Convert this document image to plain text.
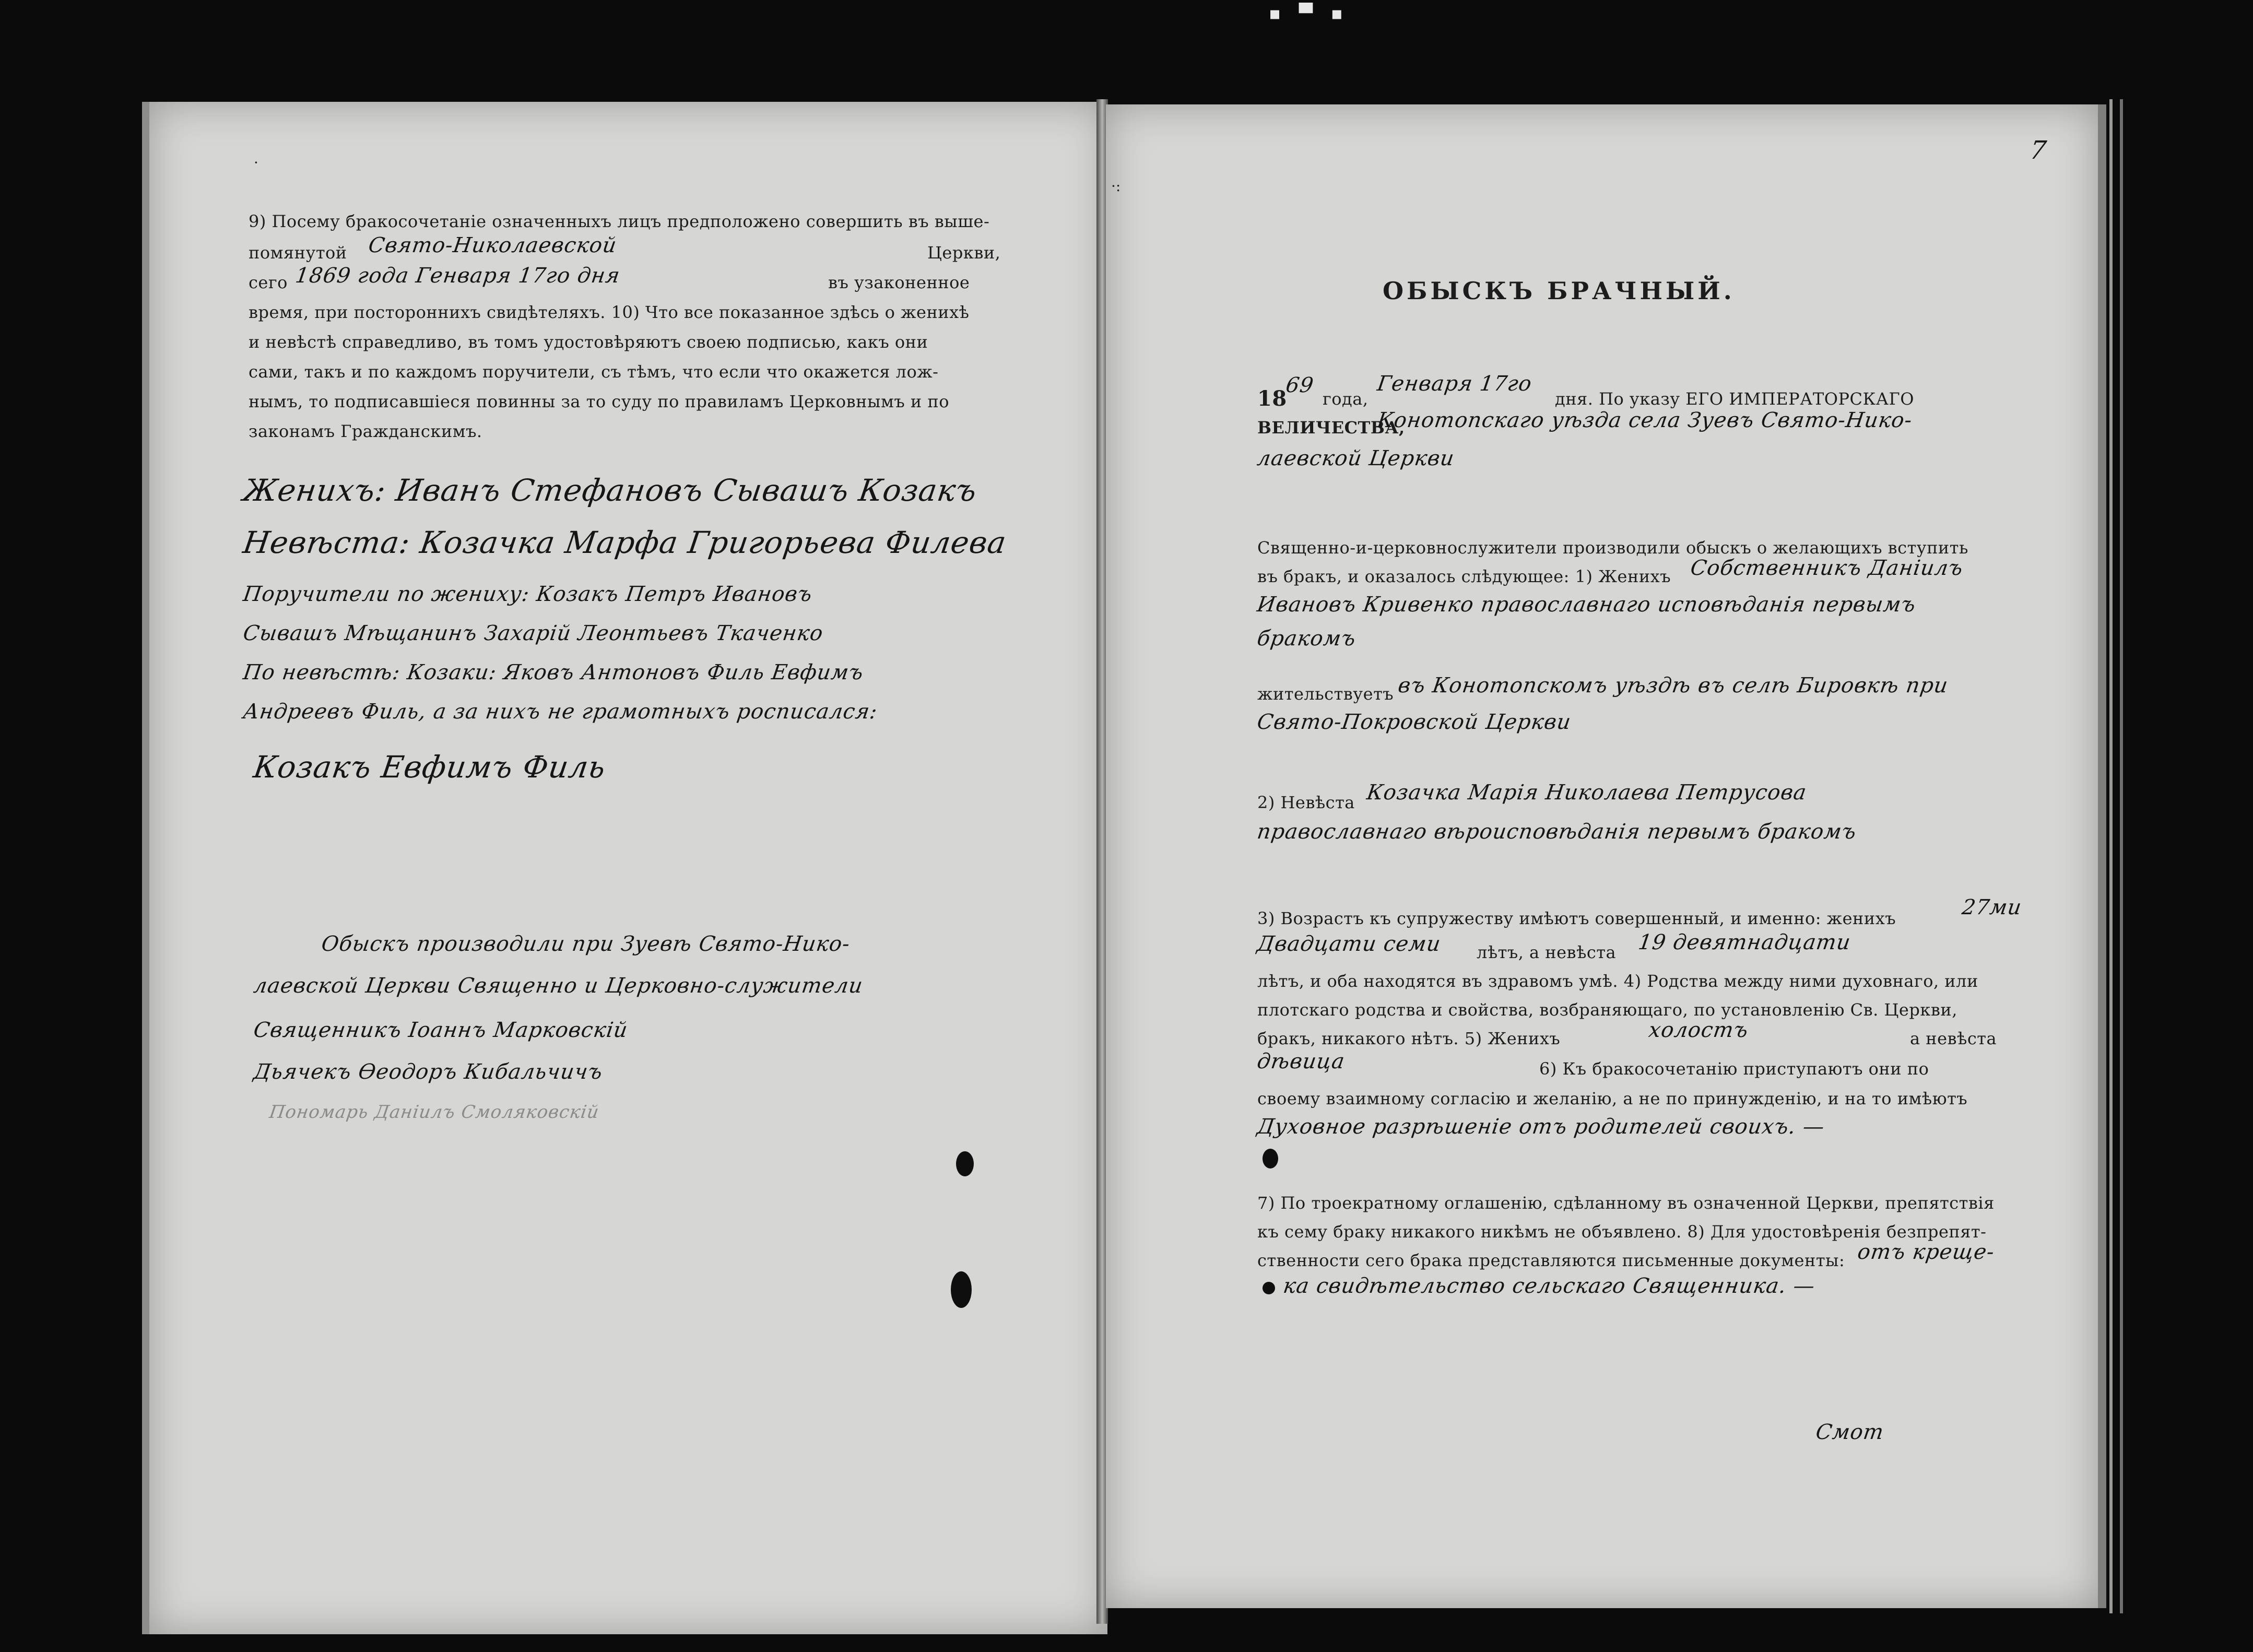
▪ ▀ ▪
·
9) Посему бракосочетаніе означенныхъ лицъ предположено совершить въ выше-
помянутой Свято-Николаевской	Церкви,
сего 1869 года Генваря 17го дня	въ узаконенное
время, при постороннихъ свидѣтеляхъ. 10) Что все показанное здѣсь о женихѣ
и невѣстѣ справедливо, въ томъ удостовѣряютъ своею подписью, какъ они
сами, такъ и по каждомъ поручители, съ тѣмъ, что если что окажется лож-
нымъ, то подписавшіеся повинны за то суду по правиламъ Церковнымъ и по
законамъ Гражданскимъ.
Женихъ: Иванъ Стефановъ Сывашъ Козакъ
Невѣста: Козачка Марфа Григорьева Филева
Поручители по жениху: Козакъ Петръ Ивановъ
Сывашъ Мѣщанинъ Захарій Леонтьевъ Ткаченко
По невѣстѣ: Козаки: Яковъ Антоновъ Филь Евфимъ
Андреевъ Филь, а за нихъ не грамотныхъ росписался:
Козакъ Евфимъ Филь
Обыскъ производили при Зуевѣ Свято-Нико-
лаевской Церкви Священно и Церковно-служители
Священникъ Іоаннъ Марковскій
Дьячекъ Өеодоръ Кибальчичъ
Пономарь Даніилъ Смоляковскій
7
·:
ОБЫСКЪ БРАЧНЫЙ.
18
69
года,
Генваря 17го
дня. По указу ЕГО ИМПЕРАТОРСКАГО
ВЕЛИЧЕСТВА,
Конотопскаго уѣзда села Зуевъ Свято-Нико-
лаевской Церкви
Священно-и-церковнослужители производили обыскъ о желающихъ вступить
въ бракъ, и оказалось слѣдующее: 1) Женихъ Собственникъ Даніилъ
Ивановъ Кривенко православнаго исповѣданія первымъ
бракомъ
жительствуетъ въ Конотопскомъ уѣздѣ въ селѣ Бировкѣ при
Свято-Покровской Церкви
2) Невѣста Козачка Марія Николаева Петрусова
православнаго вѣроисповѣданія первымъ бракомъ
3) Возрастъ къ супружеству имѣютъ совершенный, и именно: женихъ	27ми
Двадцати семи лѣтъ, а невѣста 19 девятнадцати
лѣтъ, и оба находятся въ здравомъ умѣ. 4) Родства между ними духовнаго, или
плотскаго родства и свойства, возбраняющаго, по установленію Св. Церкви,
бракъ, никакого нѣтъ. 5) Женихъ	холостъ	а невѣста
дѣвица	6) Къ бракосочетанію приступаютъ они по
своему взаимному согласію и желанію, а не по принужденію, и на то имѣютъ
Духовное разрѣшеніе отъ родителей своихъ. —
7) По троекратному оглашенію, сдѣланному въ означенной Церкви, препятствія
къ сему браку никакого никѣмъ не объявлено. 8) Для удостовѣренія безпрепят-
ственности сего брака представляются письменные документы: отъ креще-
ка свидѣтельство сельскаго Священника. —
Смот
